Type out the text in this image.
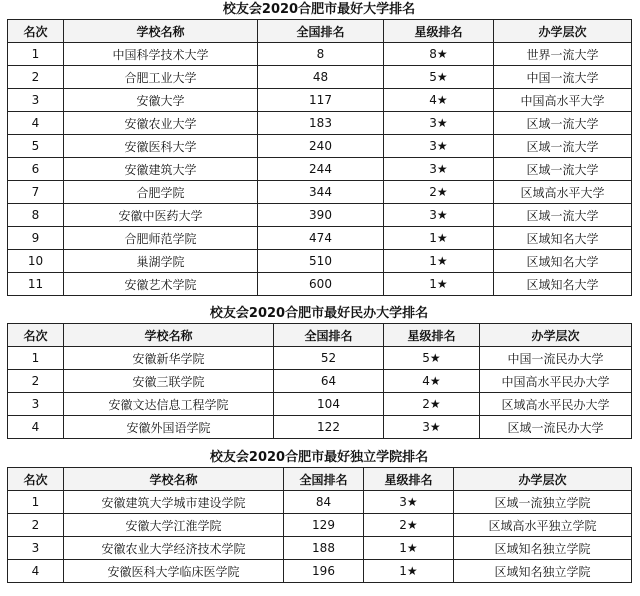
校友会2020合肥市最好大学排名
名次	学校名称	全国排名	星级排名	办学层次
1	中国科学技术大学	8	8★	世界一流大学
2	合肥工业大学	48	5★	中国一流大学
3	安徽大学	117	4★	中国高水平大学
4	安徽农业大学	183	3★	区域一流大学
5	安徽医科大学	240	3★	区域一流大学
6	安徽建筑大学	244	3★	区域一流大学
7	合肥学院	344	2★	区域高水平大学
8	安徽中医药大学	390	3★	区域一流大学
9	合肥师范学院	474	1★	区域知名大学
10	巢湖学院	510	1★	区域知名大学
11	安徽艺术学院	600	1★	区域知名大学
校友会2020合肥市最好民办大学排名
名次	学校名称	全国排名	星级排名	办学层次
1	安徽新华学院	52	5★	中国一流民办大学
2	安徽三联学院	64	4★	中国高水平民办大学
3	安徽文达信息工程学院	104	2★	区域高水平民办大学
4	安徽外国语学院	122	3★	区域一流民办大学
校友会2020合肥市最好独立学院排名
名次	学校名称	全国排名	星级排名	办学层次
1	安徽建筑大学城市建设学院	84	3★	区域一流独立学院
2	安徽大学江淮学院	129	2★	区域高水平独立学院
3	安徽农业大学经济技术学院	188	1★	区域知名独立学院
4	安徽医科大学临床医学院	196	1★	区域知名独立学院
